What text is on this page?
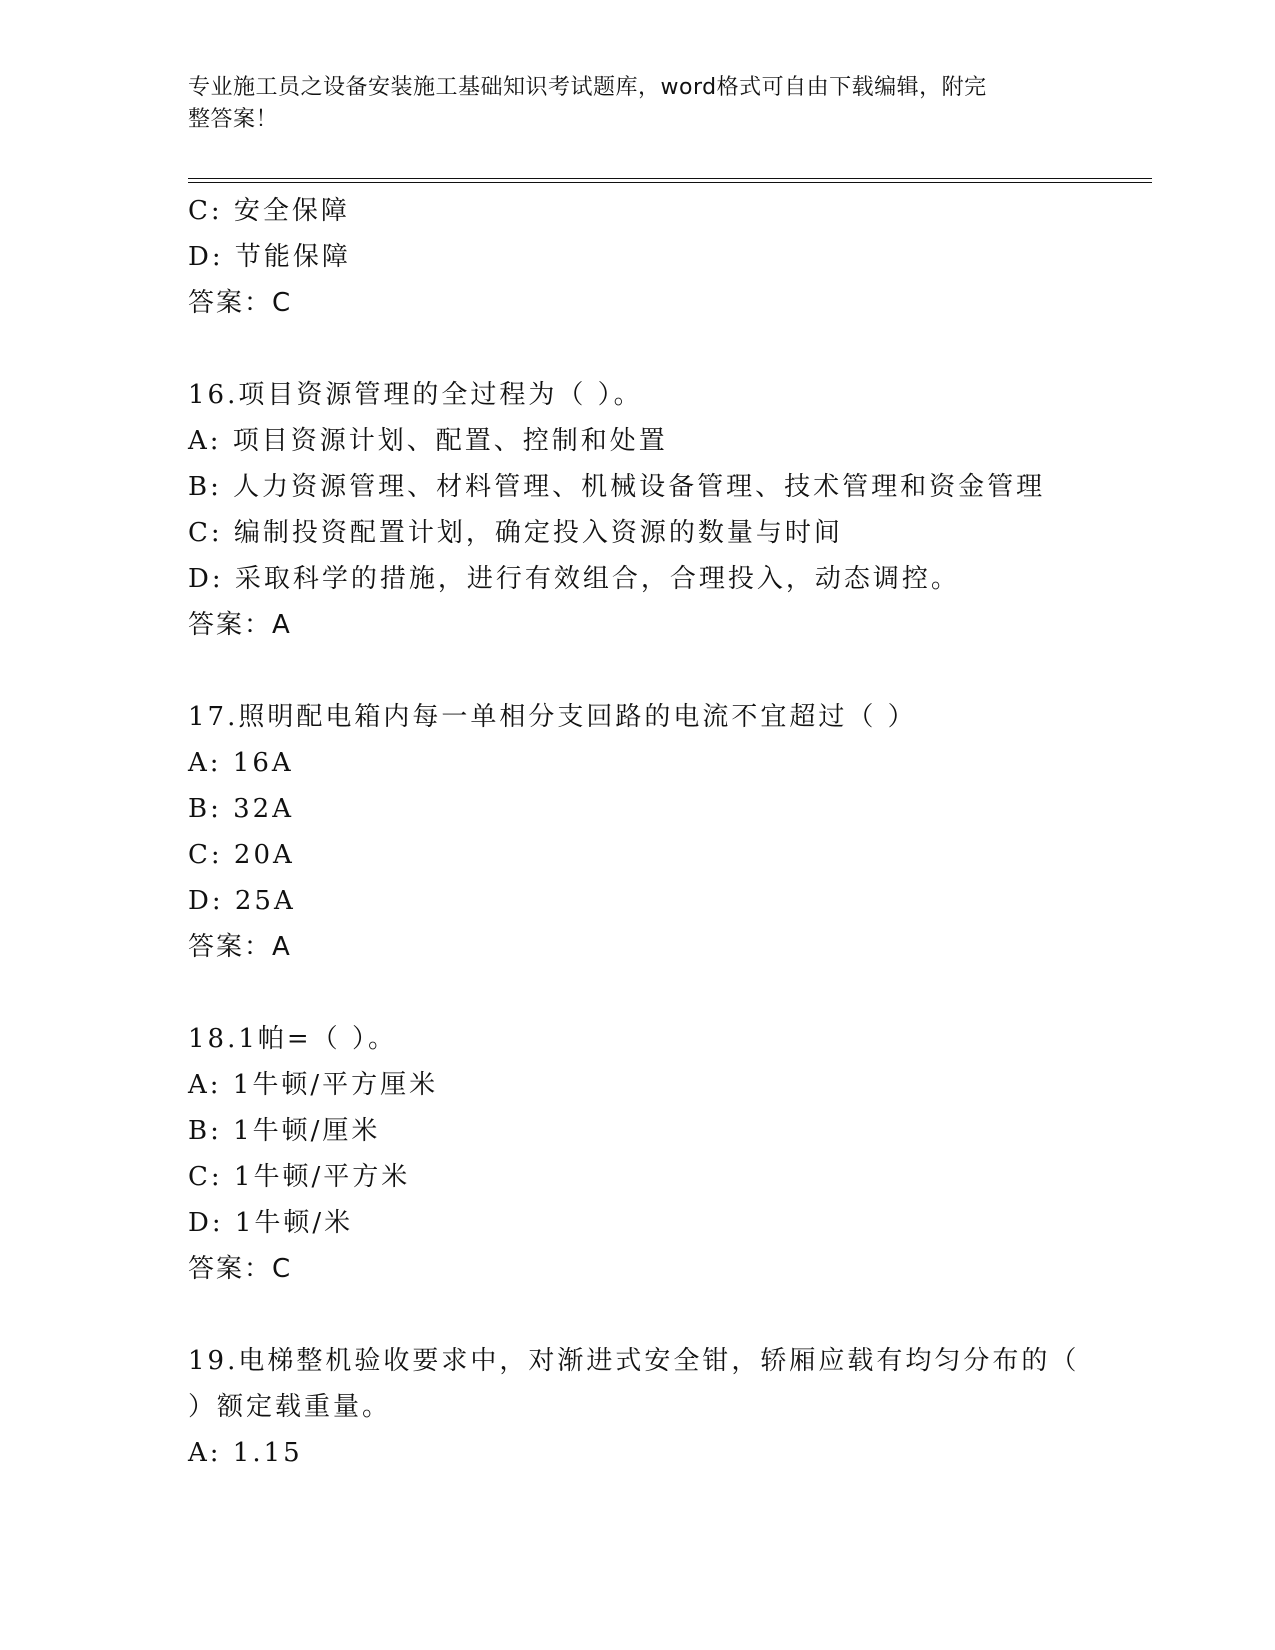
专业施工员之设备安装施工基础知识考试题库，word格式可自由下载编辑，附完
整答案！
C: 安全保障
D: 节能保障
答案：C
16.项目资源管理的全过程为（ ）。
A: 项目资源计划、配置、控制和处置
B: 人力资源管理、材料管理、机械设备管理、技术管理和资金管理
C: 编制投资配置计划，确定投入资源的数量与时间
D: 采取科学的措施，进行有效组合，合理投入，动态调控。
答案：A
17.照明配电箱内每一单相分支回路的电流不宜超过（ ）
A: 16A
B: 32A
C: 20A
D: 25A
答案：A
18.1帕=（ ）。
A: 1牛顿/平方厘米
B: 1牛顿/厘米
C: 1牛顿/平方米
D: 1牛顿/米
答案：C
19.电梯整机验收要求中，对渐进式安全钳，轿厢应载有均匀分布的（
）额定载重量。
A: 1.15
